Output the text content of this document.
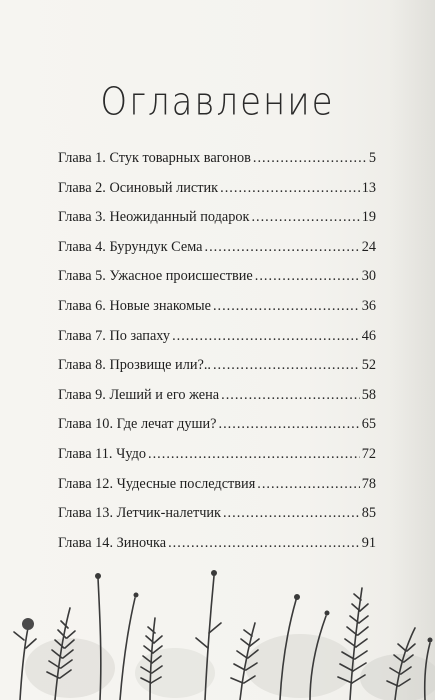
Оглавление
Глава 1. Стук товарных вагонов .....	5
Глава 2. Осиновый листик .....	13
Глава 3. Неожиданный подарок .....	19
Глава 4. Бурундук Сема .....	24
Глава 5. Ужасное происшествие .....	30
Глава 6. Новые знакомые .....	36
Глава 7. По запаху .....	46
Глава 8. Прозвище или?.. .....	52
Глава 9. Леший и его жена .....	58
Глава 10. Где лечат души? .....	65
Глава 11. Чудо .....	72
Глава 12. Чудесные последствия .....	78
Глава 13. Летчик-налетчик .....	85
Глава 14. Зиночка .....	91
